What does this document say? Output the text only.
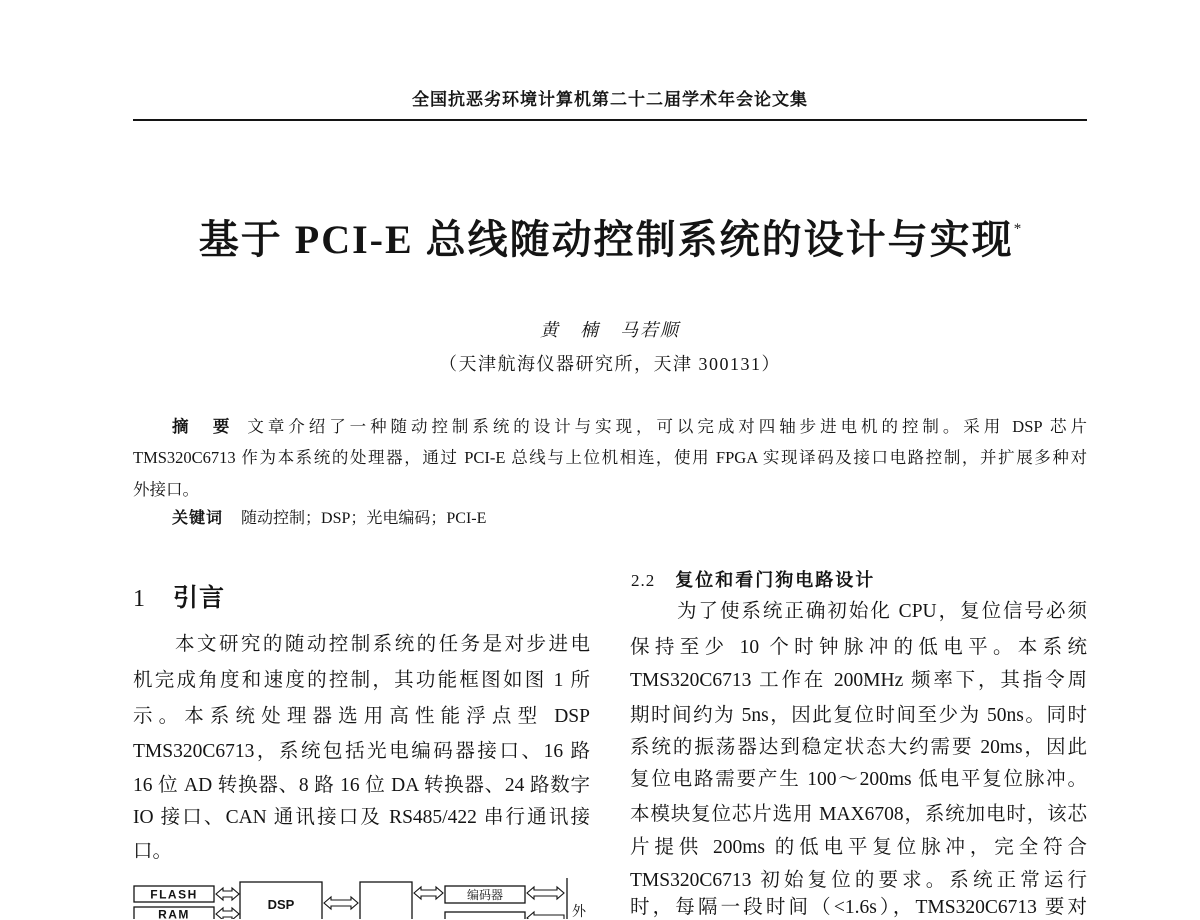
全国抗恶劣环境计算机第二十二届学术年会论文集
基于 PCI-E 总线随动控制系统的设计与实现*
黄　楠　马若顺
（天津航海仪器研究所，天津 300131）
摘　要 文章介绍了一种随动控制系统的设计与实现，可以完成对四轴步进电机的控制。采用 DSP 芯片
TMS320C6713 作为本系统的处理器，通过 PCI-E 总线与上位机相连，使用 FPGA 实现译码及接口电路控制，并扩展多种对
外接口。
关键词 随动控制；DSP；光电编码；PCI-E
1 引言
本文研究的随动控制系统的任务是对步进电
机完成角度和速度的控制，其功能框图如图 1 所
示。本系统处理器选用高性能浮点型 DSP
TMS320C6713，系统包括光电编码器接口、16 路
16 位 AD 转换器、8 路 16 位 DA 转换器、24 路数字
IO 接口、CAN 通讯接口及 RS485/422 串行通讯接
口。
2.2 复位和看门狗电路设计
为了使系统正确初始化 CPU，复位信号必须
保持至少 10 个时钟脉冲的低电平。本系统
TMS320C6713 工作在 200MHz 频率下，其指令周
期时间约为 5ns，因此复位时间至少为 50ns。同时
系统的振荡器达到稳定状态大约需要 20ms，因此
复位电路需要产生 100～200ms 低电平复位脉冲。
本模块复位芯片选用 MAX6708，系统加电时，该芯
片提供 200ms 的低电平复位脉冲，完全符合
TMS320C6713 初始复位的要求。系统正常运行
时，每隔一段时间（<1.6s），TMS320C6713 要对
FLASH
RAM
DSP
编码器
外
